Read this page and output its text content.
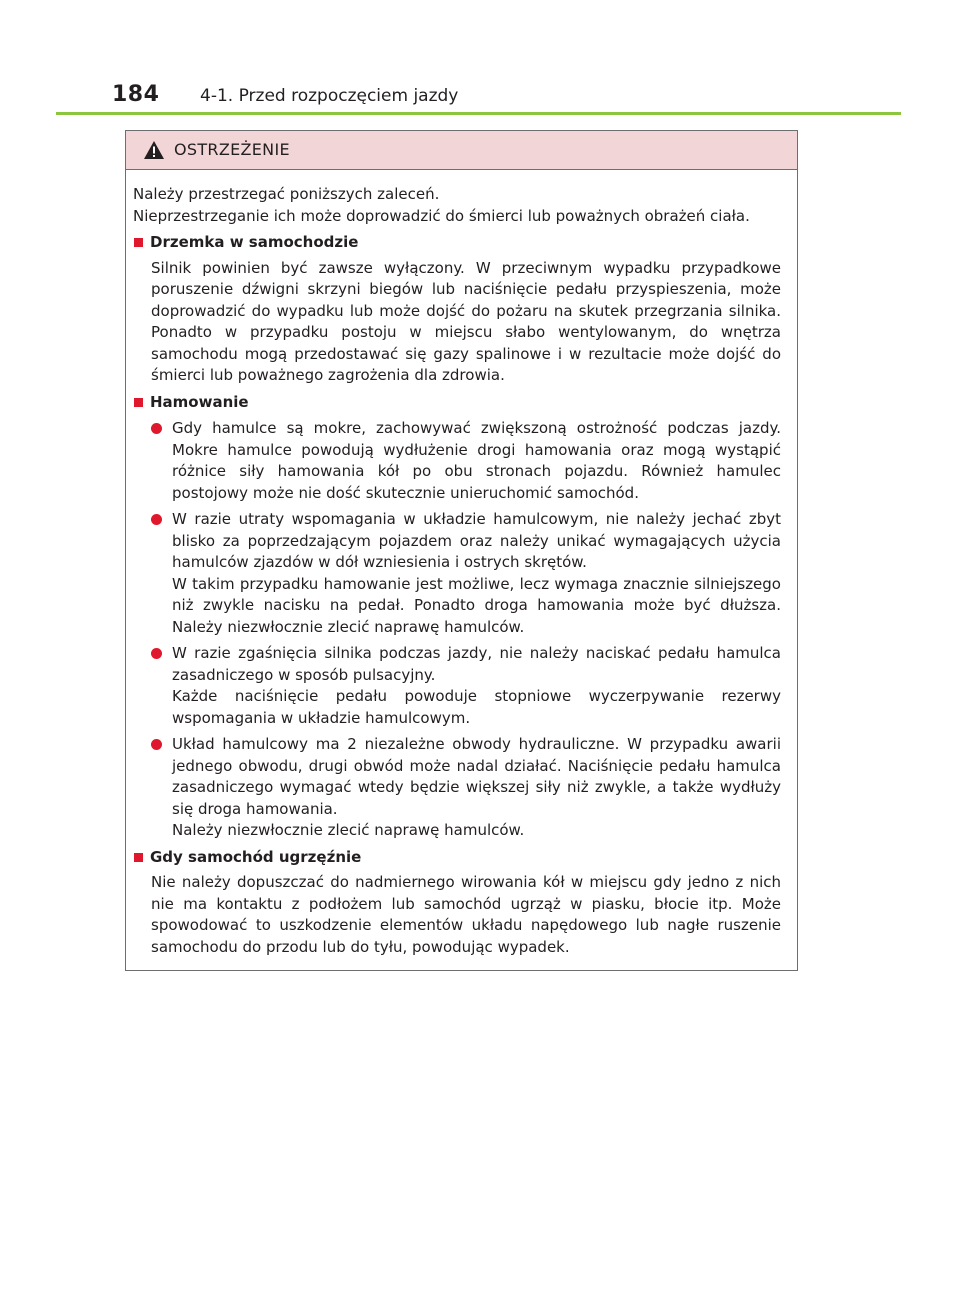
184 4-1. Przed rozpoczęciem jazdy
OSTRZEŻENIE

Należy przestrzegać poniższych zaleceń.

Nieprzestrzeganie ich może doprowadzić do śmierci lub poważnych obrażeń ciała.

Drzemka w samochodzie

Silnik powinien być zawsze wyłączony. W przeciwnym wypadku przypadkowe poruszenie dźwigni skrzyni biegów lub naciśnięcie pedału przyspieszenia, może doprowadzić do wypadku lub może dojść do pożaru na skutek przegrzania silnika. Ponadto w przypadku postoju w miejscu słabo wentylowanym, do wnętrza samochodu mogą przedostawać się gazy spalinowe i w rezultacie może dojść do śmierci lub poważnego zagrożenia dla zdrowia.

Hamowanie

Gdy hamulce są mokre, zachowywać zwiększoną ostrożność podczas jazdy. Mokre hamulce powodują wydłużenie drogi hamowania oraz mogą wystąpić różnice siły hamowania kół po obu stronach pojazdu. Również hamulec postojowy może nie dość skutecznie unieruchomić samochód.

W razie utraty wspomagania w układzie hamulcowym, nie należy jechać zbyt blisko za poprzedzającym pojazdem oraz należy unikać wymagających użycia hamulców zjazdów w dół wzniesienia i ostrych skrętów.

W takim przypadku hamowanie jest możliwe, lecz wymaga znacznie silniejszego niż zwykle nacisku na pedał. Ponadto droga hamowania może być dłuższa. Należy niezwłocznie zlecić naprawę hamulców.

W razie zgaśnięcia silnika podczas jazdy, nie należy naciskać pedału hamulca zasadniczego w sposób pulsacyjny.

Każde naciśnięcie pedału powoduje stopniowe wyczerpywanie rezerwy wspomagania w układzie hamulcowym.

Układ hamulcowy ma 2 niezależne obwody hydrauliczne. W przypadku awarii jednego obwodu, drugi obwód może nadal działać. Naciśnięcie pedału hamulca zasadniczego wymagać wtedy będzie większej siły niż zwykle, a także wydłuży się droga hamowania.

Należy niezwłocznie zlecić naprawę hamulców.

Gdy samochód ugrzęźnie

Nie należy dopuszczać do nadmiernego wirowania kół w miejscu gdy jedno z nich nie ma kontaktu z podłożem lub samochód ugrząż w piasku, błocie itp. Może spowodować to uszkodzenie elementów układu napędowego lub nagłe ruszenie samochodu do przodu lub do tyłu, powodując wypadek.
